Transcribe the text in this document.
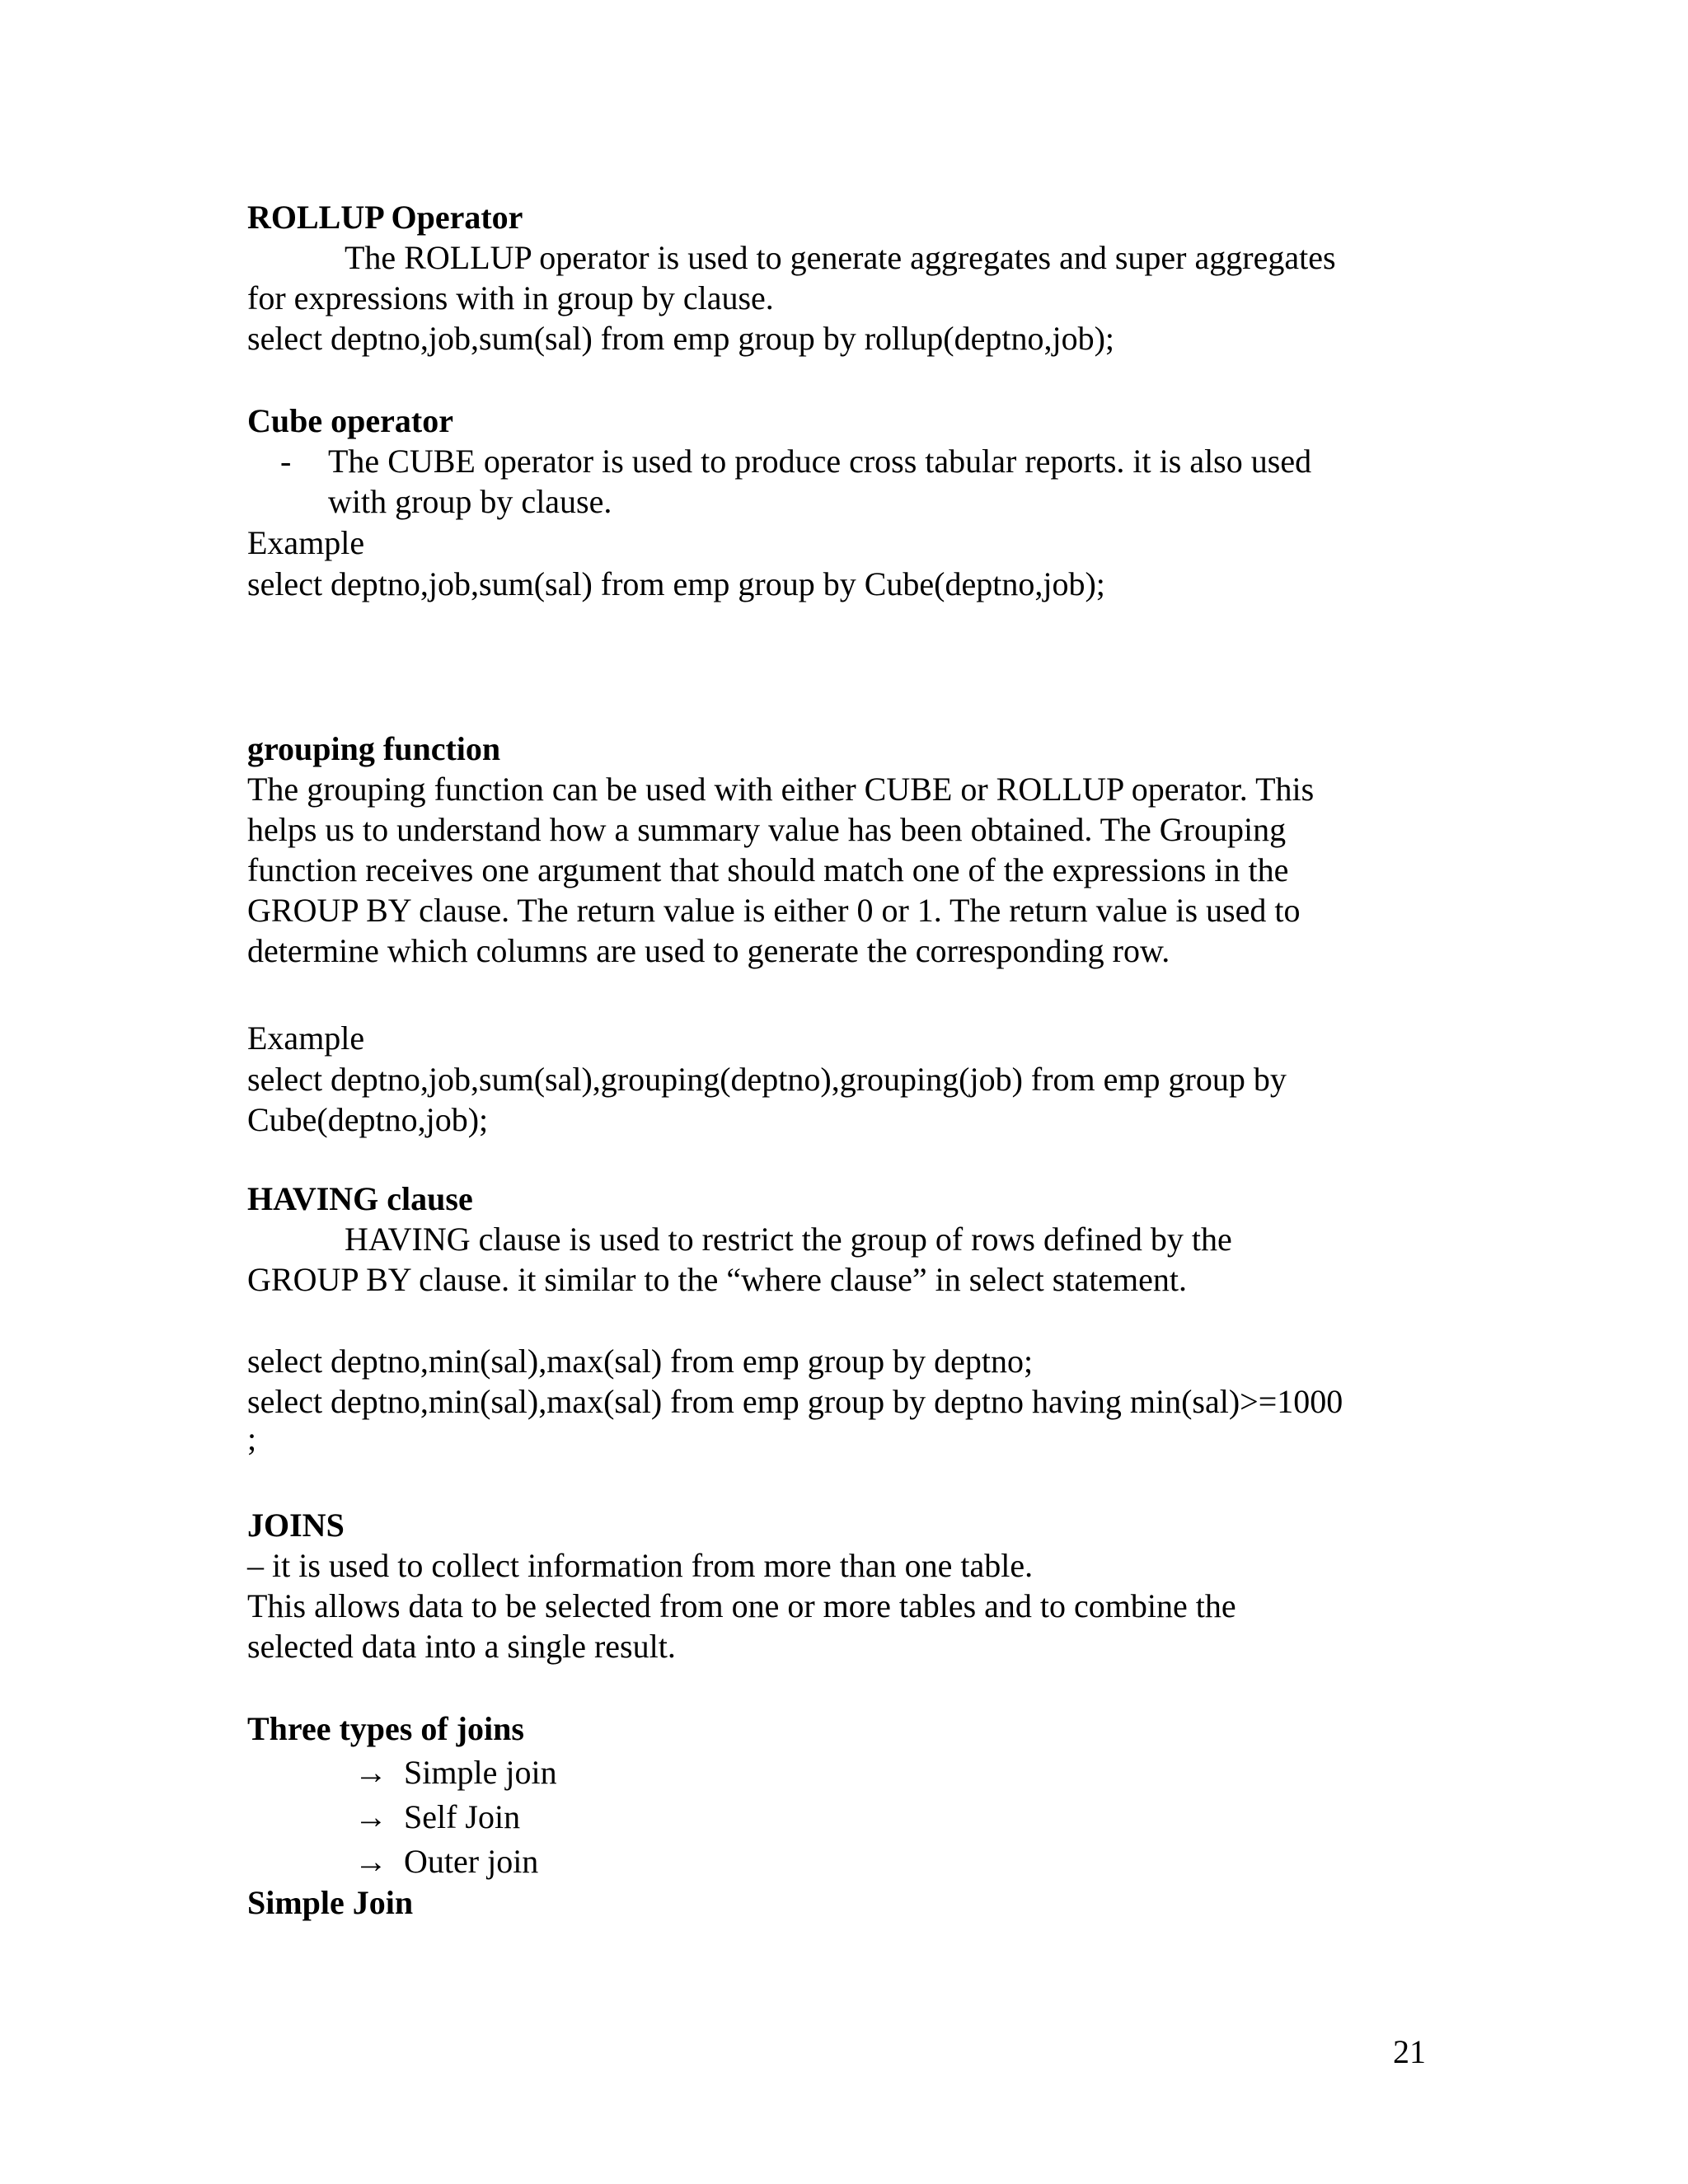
ROLLUP Operator
The ROLLUP operator is used to generate aggregates and super aggregates
for expressions with in group by clause.
select deptno,job,sum(sal) from emp group by rollup(deptno,job);
Cube operator
- The CUBE operator is used to produce cross tabular reports. it is also used
with group by clause.
Example
select deptno,job,sum(sal) from emp group by Cube(deptno,job);
grouping function
The grouping function can be used with either CUBE or ROLLUP operator. This
helps us to understand how a summary value has been obtained. The Grouping
function receives one argument that should match one of the expressions in the
GROUP BY clause. The return value is either 0 or 1. The return value is used to
determine which columns are used to generate the corresponding row.
Example
select deptno,job,sum(sal),grouping(deptno),grouping(job) from emp group by
Cube(deptno,job);
HAVING clause
HAVING clause is used to restrict the group of rows defined by the
GROUP BY clause. it similar to the “where clause” in select statement.
select deptno,min(sal),max(sal) from emp group by deptno;
select deptno,min(sal),max(sal) from emp group by deptno having min(sal)>=1000
;
JOINS
– it is used to collect information from more than one table.
This allows data to be selected from one or more tables and to combine the
selected data into a single result.
Three types of joins
→ Simple join
→ Self Join
→ Outer join
Simple Join
21
